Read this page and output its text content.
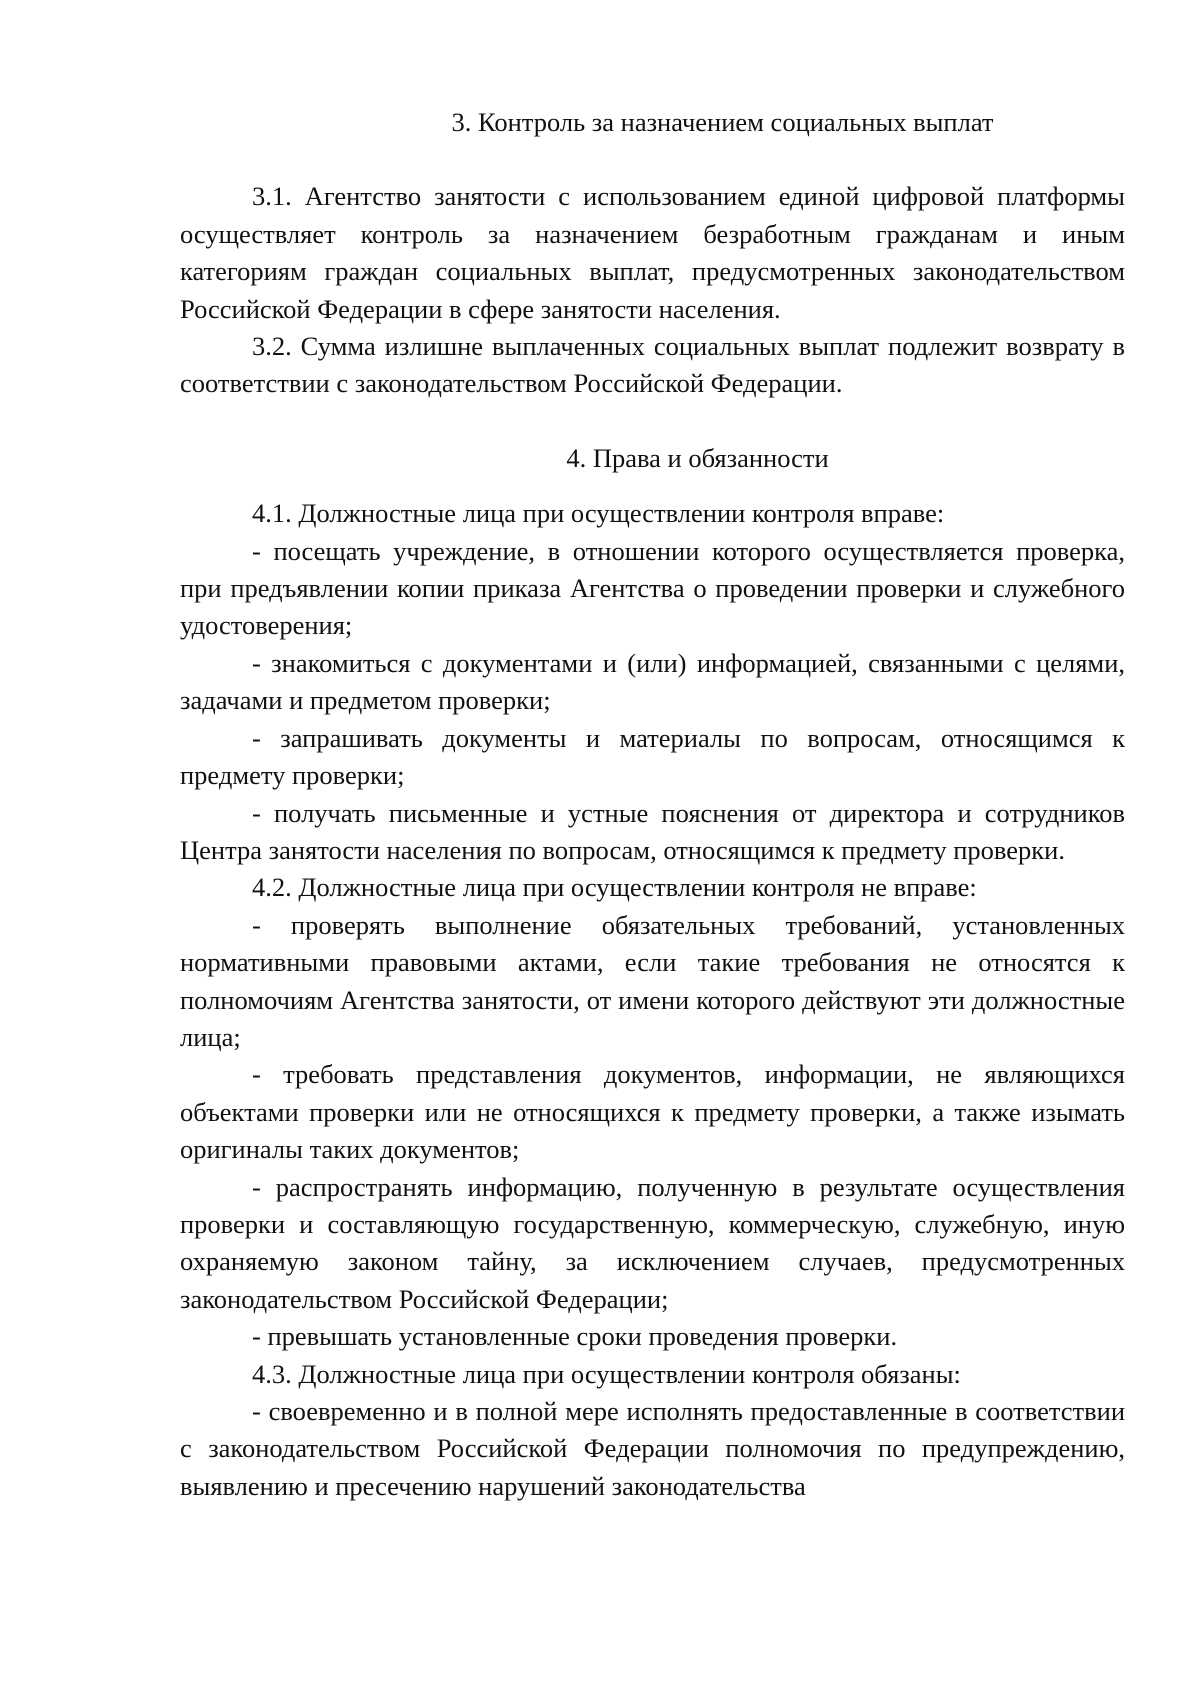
3. Контроль за назначением социальных выплат

3.1. Агентство занятости с использованием единой цифровой платформы осуществляет контроль за назначением безработным гражданам и иным категориям граждан социальных выплат, предусмотренных законодательством Российской Федерации в сфере занятости населения.

3.2. Сумма излишне выплаченных социальных выплат подлежит возврату в соответствии с законодательством Российской Федерации.

4. Права и обязанности

4.1. Должностные лица при осуществлении контроля вправе:

- посещать учреждение, в отношении которого осуществляется проверка, при предъявлении копии приказа Агентства о проведении проверки и служебного удостоверения;

- знакомиться с документами и (или) информацией, связанными с целями, задачами и предметом проверки;

- запрашивать документы и материалы по вопросам, относящимся к предмету проверки;

- получать письменные и устные пояснения от директора и сотрудников Центра занятости населения по вопросам, относящимся к предмету проверки.

4.2. Должностные лица при осуществлении контроля не вправе:

- проверять выполнение обязательных требований, установленных нормативными правовыми актами, если такие требования не относятся к полномочиям Агентства занятости, от имени которого действуют эти должностные лица;

- требовать представления документов, информации, не являющихся объектами проверки или не относящихся к предмету проверки, а также изымать оригиналы таких документов;

- распространять информацию, полученную в результате осуществления проверки и составляющую государственную, коммерческую, служебную, иную охраняемую законом тайну, за исключением случаев, предусмотренных законодательством Российской Федерации;

- превышать установленные сроки проведения проверки.

4.3. Должностные лица при осуществлении контроля обязаны:

- своевременно и в полной мере исполнять предоставленные в соответствии с законодательством Российской Федерации полномочия по предупреждению, выявлению и пресечению нарушений законодательства
